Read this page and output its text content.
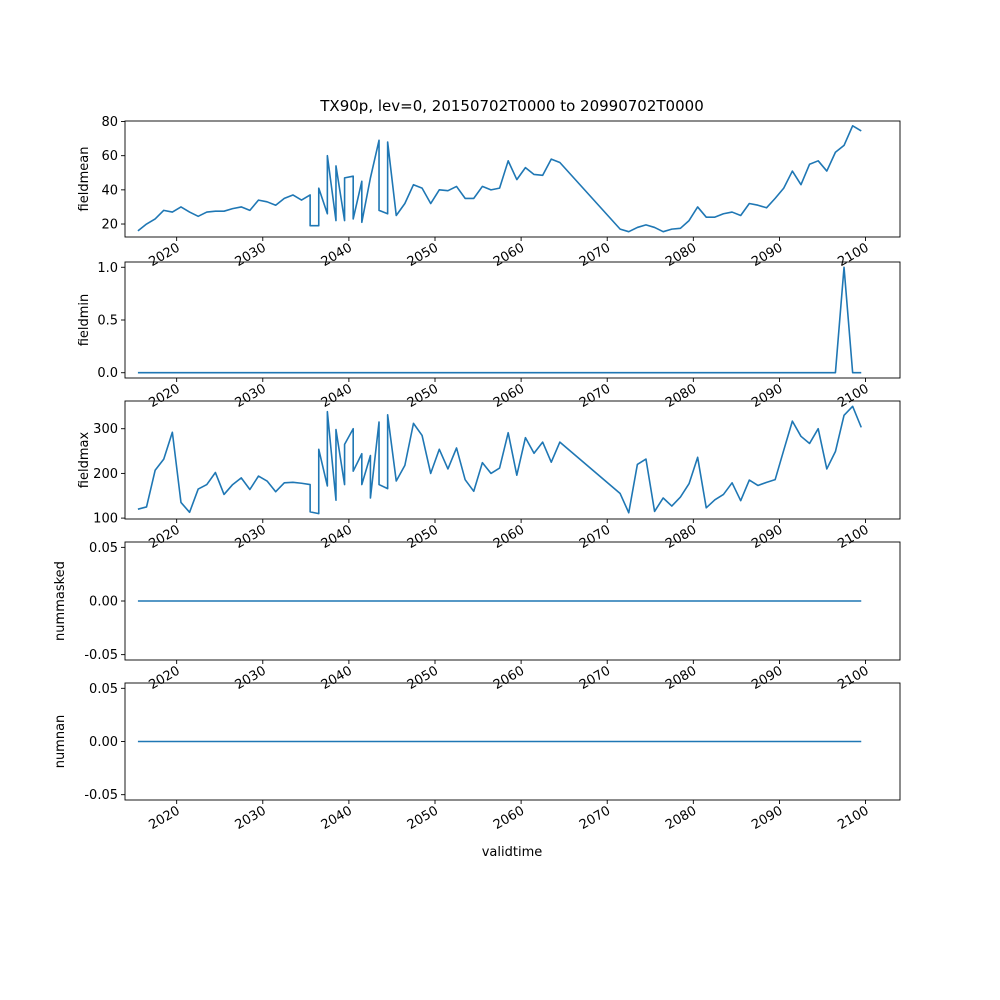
TX90p, lev=0, 20150702T0000 to 20990702T0000
validtime
20
40
60
80
2020	2030	2040	2050	2060	2070	2080	2090	2100
fieldmean
0.0
0.5
1.0
2020	2030	2040	2050	2060	2070	2080	2090	2100
fieldmin
100
200
300
2020	2030	2040	2050	2060	2070	2080	2090	2100
fieldmax
-0.05
0.00
0.05
2020	2030	2040	2050	2060	2070	2080	2090	2100
nummasked
-0.05
0.00
0.05
2020	2030	2040	2050	2060	2070	2080	2090	2100
numnan
